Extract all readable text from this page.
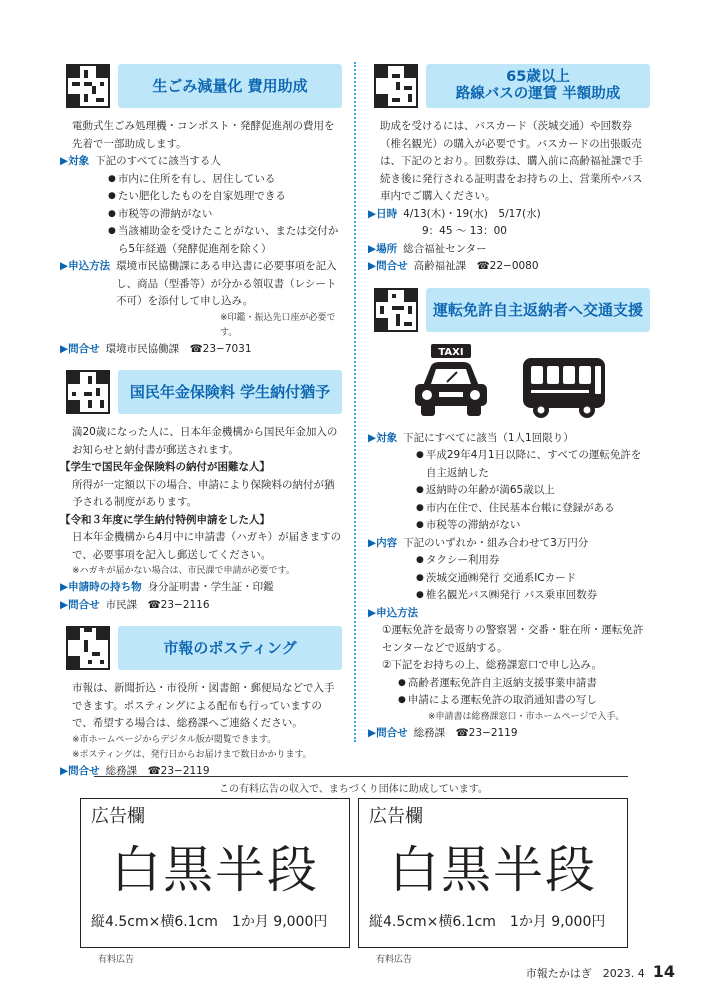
生ごみ減量化 費用助成

電動式生ごみ処理機・コンポスト・発酵促進剤の費用を先着で一部助成します。

▶対象 下記のすべてに該当する人
● 市内に住所を有し、居住している
● たい肥化したものを自家処理できる
● 市税等の滞納がない
● 当該補助金を受けたことがない、または交付から5年経過（発酵促進剤を除く）
▶申込方法 環境市民協働課にある申込書に必要事項を記入し、商品（型番等）が分かる領収書（レシート不可）を添付して申し込み。
※印鑑・振込先口座が必要です。
▶問合せ 環境市民協働課　☎23−7031
国民年金保険料 学生納付猶予

満20歳になった人に、日本年金機構から国民年金加入のお知らせと納付書が郵送されます。

【学生で国民年金保険料の納付が困難な人】

所得が一定額以下の場合、申請により保険料の納付が猶予される制度があります。

【令和３年度に学生納付特例申請をした人】

日本年金機構から4月中に申請書（ハガキ）が届きますので、必要事項を記入し郵送してください。

※ハガキが届かない場合は、市民課で申請が必要です。
▶申請時の持ち物 身分証明書・学生証・印鑑
▶問合せ 市民課　☎23−2116
市報のポスティング

市報は、新聞折込・市役所・図書館・郵便局などで入手できます。ポスティングによる配布も行っていますので、希望する場合は、総務課へご連絡ください。

※市ホームページからデジタル版が閲覧できます。
※ポスティングは、発行日からお届けまで数日かかります。
▶問合せ 総務課　☎23−2119
65歳以上
路線バスの運賃 半額助成

助成を受けるには、バスカード（茨城交通）や回数券（椎名観光）の購入が必要です。バスカードの出張販売は、下記のとおり。回数券は、購入前に高齢福祉課で手続き後に発行される証明書をお持ちの上、営業所やバス車内でご購入ください。

▶日時 4/13(木)・19(水)　5/17(水)
9：45 ～ 13：00
▶場所 総合福祉センター
▶問合せ 高齢福祉課　☎22−0080
運転免許自主返納者へ交通支援
TAXI
▶対象 下記にすべてに該当（1人1回限り）
● 平成29年4月1日以降に、すべての運転免許を自主返納した
● 返納時の年齢が満65歳以上
● 市内在住で、住民基本台帳に登録がある
● 市税等の滞納がない
▶内容 下記のいずれか・組み合わせて3万円分
● タクシー利用券
● 茨城交通㈱発行 交通系ICカード
● 椎名観光バス㈱発行 バス乗車回数券
▶申込方法

①運転免許を最寄りの警察署・交番・駐在所・運転免許センターなどで返納する。

②下記をお持ちの上、総務課窓口で申し込み。

● 高齢者運転免許自主返納支援事業申請書
● 申請による運転免許の取消通知書の写し
※申請書は総務課窓口・市ホームページで入手。
▶問合せ 総務課　☎23−2119
この有料広告の収入で、まちづくり団体に助成しています。
広告欄
白黒半段
縦4.5cm×横6.1cm　1か月 9,000円
広告欄
白黒半段
縦4.5cm×横6.1cm　1か月 9,000円
有料広告	有料広告
市報たかはぎ　2023. 4 14
